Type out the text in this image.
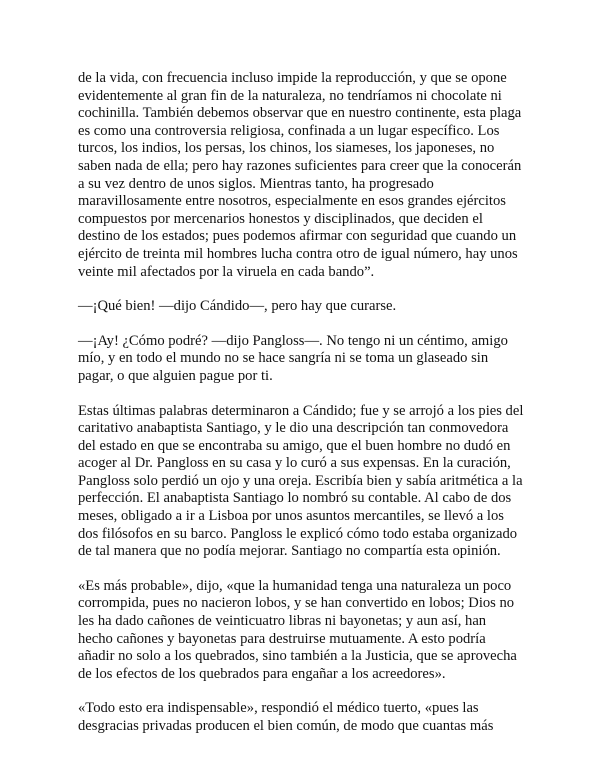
de la vida, con frecuencia incluso impide la reproducción, y que se opone
evidentemente al gran fin de la naturaleza, no tendríamos ni chocolate ni
cochinilla. También debemos observar que en nuestro continente, esta plaga
es como una controversia religiosa, confinada a un lugar específico. Los
turcos, los indios, los persas, los chinos, los siameses, los japoneses, no
saben nada de ella; pero hay razones suficientes para creer que la conocerán
a su vez dentro de unos siglos. Mientras tanto, ha progresado
maravillosamente entre nosotros, especialmente en esos grandes ejércitos
compuestos por mercenarios honestos y disciplinados, que deciden el
destino de los estados; pues podemos afirmar con seguridad que cuando un
ejército de treinta mil hombres lucha contra otro de igual número, hay unos
veinte mil afectados por la viruela en cada bando”.

—¡Qué bien! —dijo Cándido—, pero hay que curarse.

—¡Ay! ¿Cómo podré? —dijo Pangloss—. No tengo ni un céntimo, amigo
mío, y en todo el mundo no se hace sangría ni se toma un glaseado sin
pagar, o que alguien pague por ti.

Estas últimas palabras determinaron a Cándido; fue y se arrojó a los pies del
caritativo anabaptista Santiago, y le dio una descripción tan conmovedora
del estado en que se encontraba su amigo, que el buen hombre no dudó en
acoger al Dr. Pangloss en su casa y lo curó a sus expensas. En la curación,
Pangloss solo perdió un ojo y una oreja. Escribía bien y sabía aritmética a la
perfección. El anabaptista Santiago lo nombró su contable. Al cabo de dos
meses, obligado a ir a Lisboa por unos asuntos mercantiles, se llevó a los
dos filósofos en su barco. Pangloss le explicó cómo todo estaba organizado
de tal manera que no podía mejorar. Santiago no compartía esta opinión.

«Es más probable», dijo, «que la humanidad tenga una naturaleza un poco
corrompida, pues no nacieron lobos, y se han convertido en lobos; Dios no
les ha dado cañones de veinticuatro libras ni bayonetas; y aun así, han
hecho cañones y bayonetas para destruirse mutuamente. A esto podría
añadir no solo a los quebrados, sino también a la Justicia, que se aprovecha
de los efectos de los quebrados para engañar a los acreedores».

«Todo esto era indispensable», respondió el médico tuerto, «pues las
desgracias privadas producen el bien común, de modo que cuantas más
